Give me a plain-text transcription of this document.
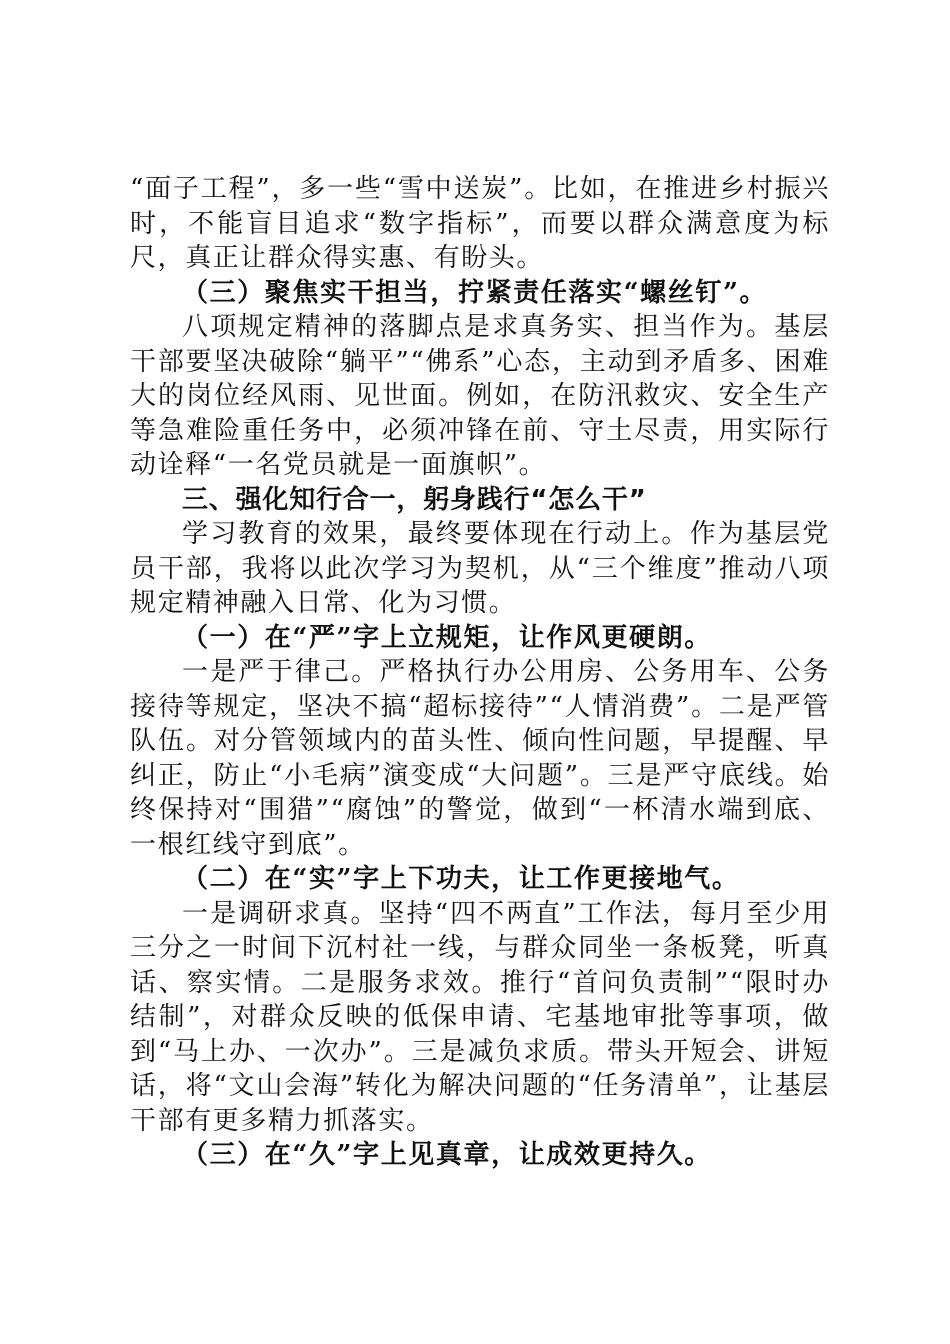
“面子工程”，多一些“雪中送炭”。比如，在推进乡村振兴时，不能盲目追求“数字指标”，而要以群众满意度为标尺，真正让群众得实惠、有盼头。

（三）聚焦实干担当，拧紧责任落实“螺丝钉”。

八项规定精神的落脚点是求真务实、担当作为。基层干部要坚决破除“躺平”“佛系”心态，主动到矛盾多、困难大的岗位经风雨、见世面。例如，在防汛救灾、安全生产等急难险重任务中，必须冲锋在前、守土尽责，用实际行动诠释“一名党员就是一面旗帜”。

三、强化知行合一，躬身践行“怎么干”

学习教育的效果，最终要体现在行动上。作为基层党员干部，我将以此次学习为契机，从“三个维度”推动八项规定精神融入日常、化为习惯。

（一）在“严”字上立规矩，让作风更硬朗。

一是严于律己。严格执行办公用房、公务用车、公务接待等规定，坚决不搞“超标接待”“人情消费”。二是严管队伍。对分管领域内的苗头性、倾向性问题，早提醒、早纠正，防止“小毛病”演变成“大问题”。三是严守底线。始终保持对“围猎”“腐蚀”的警觉，做到“一杯清水端到底、一根红线守到底”。

（二）在“实”字上下功夫，让工作更接地气。

一是调研求真。坚持“四不两直”工作法，每月至少用三分之一时间下沉村社一线，与群众同坐一条板凳，听真话、察实情。二是服务求效。推行“首问负责制”“限时办结制”，对群众反映的低保申请、宅基地审批等事项，做到“马上办、一次办”。三是减负求质。带头开短会、讲短话，将“文山会海”转化为解决问题的“任务清单”，让基层干部有更多精力抓落实。

（三）在“久”字上见真章，让成效更持久。
